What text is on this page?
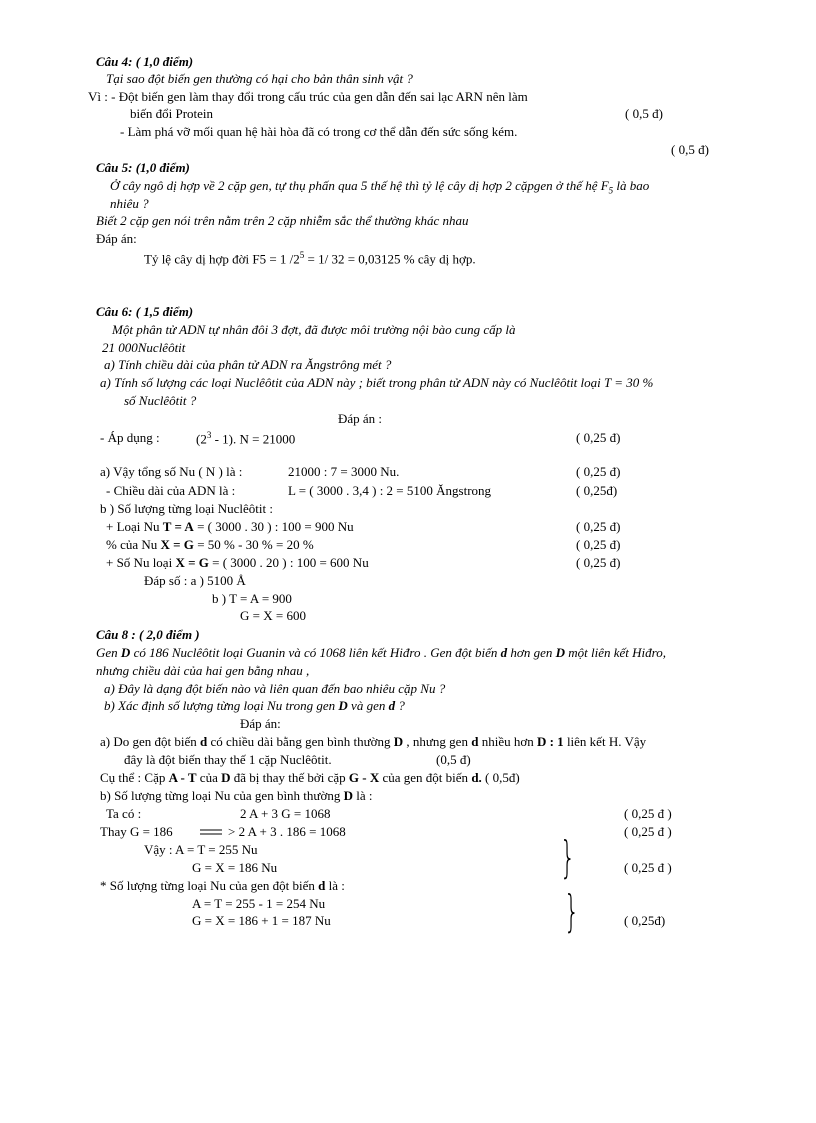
Câu 4: ( 1,0 điểm)
Tại sao đột biến gen thường có hại cho bản thân sinh vật ?
Vì : - Đột biến gen làm thay đổi trong cấu trúc của gen dẫn đến sai lạc ARN nên làm
biến đổi Protein	( 0,5 đ)
- Làm phá vỡ mối quan hệ hài hòa đã có trong cơ thể dẫn đến sức sống kém.
( 0,5 đ)
Câu 5: (1,0 điểm)
Ở cây ngô dị hợp về 2 cặp gen, tự thụ phấn qua 5 thế hệ thì tỷ lệ cây dị hợp 2 cặpgen ở thế hệ $F_5$ là bao
nhiêu ?
Biết 2 cặp gen nói trên nằm trên 2 cặp nhiễm sắc thể thường khác nhau
Đáp án:
Tỷ lệ cây dị hợp đời F5 = 1 $/2^5 = 1/$ 32 = 0,03125 % cây dị hợp.
Câu 6: ( 1,5 điểm)
Một phân tử ADN tự nhân đôi 3 đợt, đã được môi trường nội bào cung cấp là
21 000Nuclêôtit
a) Tính chiều dài của phân tử ADN ra Ăngstrông mét ?
a) Tính số lượng các loại Nuclêôtit của ADN này ; biết trong phân tử ADN này có Nuclêôtit loại T = 30 %
số Nuclêôtit ?
Đáp án :
- Áp dụng :	$(2^3 - 1)$. N = 21000	( 0,25 đ)
a) Vậy tổng số Nu ( N ) là :	21000 : 7 = 3000 Nu.	( 0,25 đ)
- Chiều dài của ADN là :	L = ( 3000 . 3,4 ) : 2 = 5100 Ăngstrong	( 0,25đ)
b ) Số lượng từng loại Nuclêôtit :
+ Loại Nu T = A = ( 3000 . 30 ) : 100 = 900 Nu	( 0,25 đ)
% của Nu X = G = 50 % - 30 % = 20 %	( 0,25 đ)
+ Số Nu loại X = G = ( 3000 . 20 ) : 100 = 600 Nu	( 0,25 đ)
Đáp số : a ) 5100 Å
b ) T = A = 900
G = X = 600
Câu 8 : ( 2,0 điểm )
Gen D có 186 Nuclêôtit loại Guanin và có 1068 liên kết Hiđro . Gen đột biến d hơn gen D một liên kết Hiđro,
nhưng chiều dài của hai gen bằng nhau ,
a) Đây là dạng đột biến nào và liên quan đến bao nhiêu cặp Nu ?
b) Xác định số lượng từng loại Nu trong gen D và gen d ?
Đáp án:
a) Do gen đột biến d có chiều dài bằng gen bình thường D , nhưng gen d nhiều hơn D : 1 liên kết H. Vậy
đây là đột biến thay thế 1 cặp Nuclêôtit.	(0,5 đ)
Cụ thể : Cặp A - T của D đã bị thay thế bởi cặp G - X của gen đột biến d. ( 0,5đ)
b) Số lượng từng loại Nu của gen bình thường D là :
Ta có :	2 A + 3 G = 1068	( 0,25 đ )
Thay G = 186	> 2 A + 3 . 186 = 1068	( 0,25 đ )
Vậy : A = T = 255 Nu
G = X = 186 Nu	}	( 0,25 đ )
* Số lượng từng loại Nu của gen đột biến d là :
A = T = 255 - 1 = 254 Nu
G = X = 186 + 1 = 187 Nu	}	( 0,25đ)
